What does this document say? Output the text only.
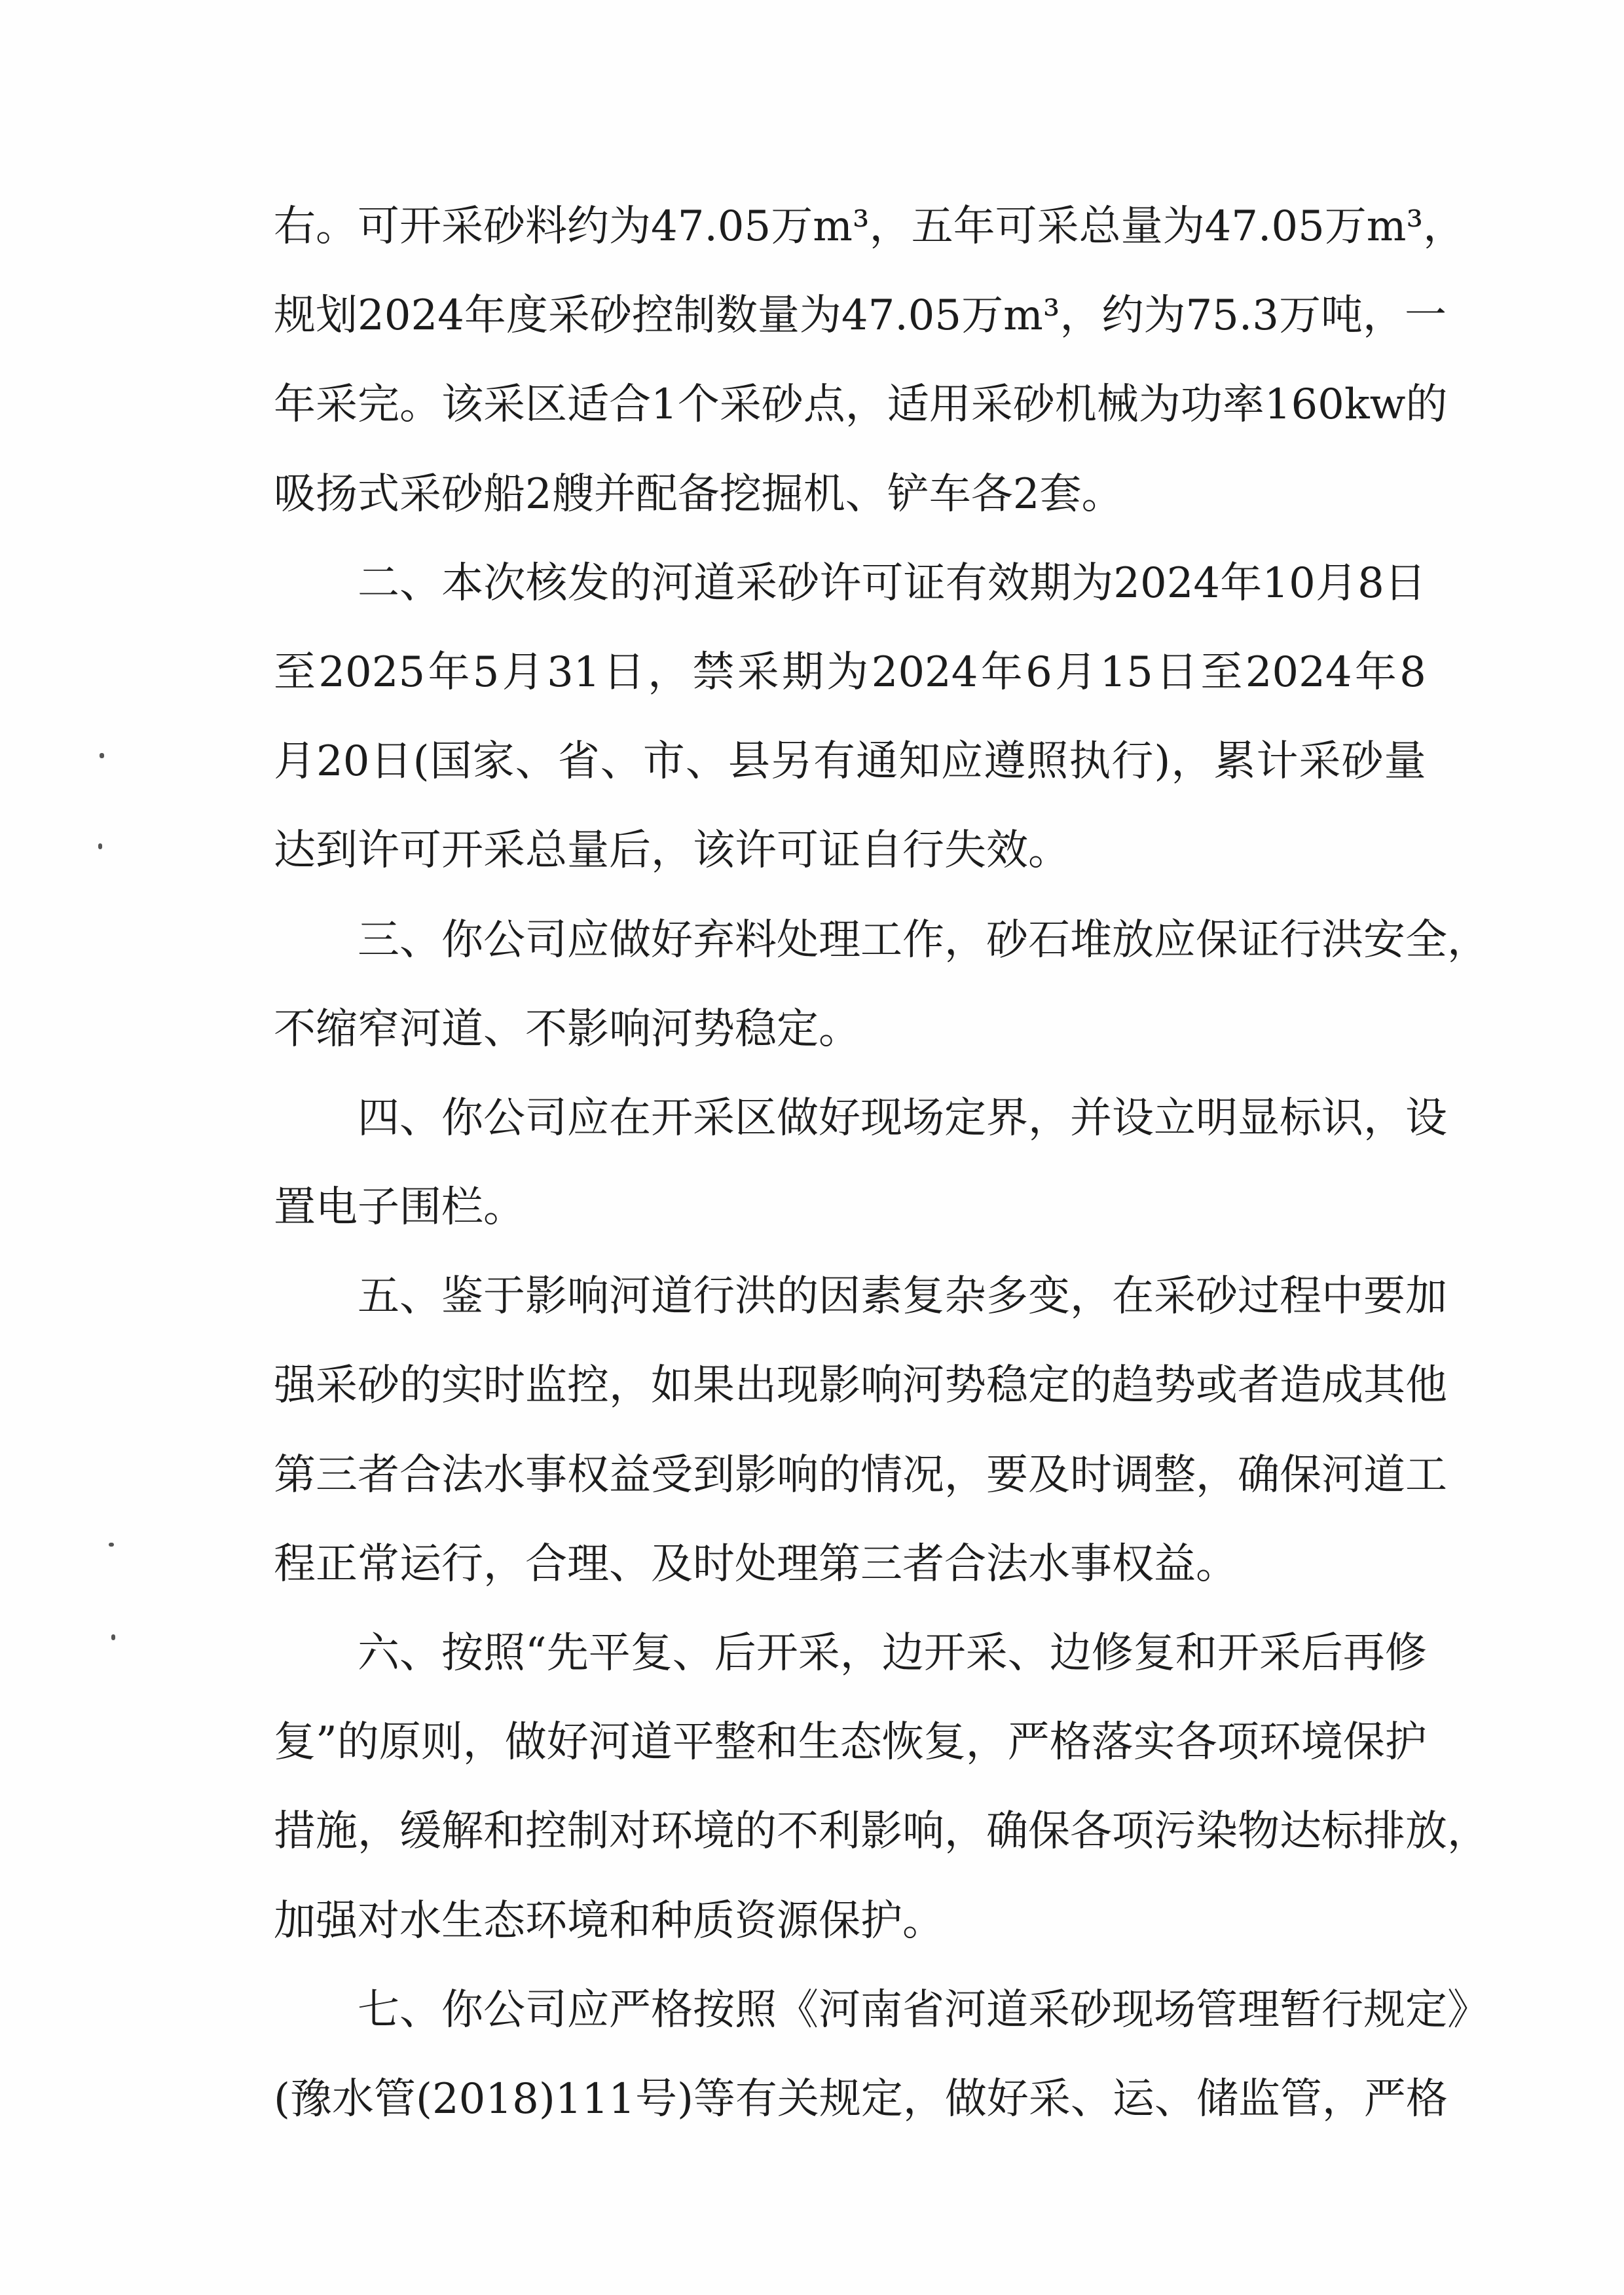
右 。 可 开 采 砂 料 约 为 47.05 万 m³ ， 五 年 可 采 总 量 为 47.05 万 m³ ，
规 划 2024 年 度 采 砂 控 制 数 量 为 47.05 万 m³ ， 约 为 75.3 万 吨 ， 一
年 采 完 。 该 采 区 适 合 1 个 采 砂 点 ， 适 用 采 砂 机 械 为 功 率 160kw 的
吸 扬 式 采 砂 船 2 艘 并 配 备 挖 掘 机 、 铲 车 各 2 套 。
二 、 本 次 核 发 的 河 道 采 砂 许 可 证 有 效 期 为 2024 年 10 月 8 日
至 2025 年 5 月 31 日 ， 禁 采 期 为 2024 年 6 月 15 日 至 2024 年 8
月 20 日 ( 国 家 、 省 、 市 、 县 另 有 通 知 应 遵 照 执 行 ) ， 累 计 采 砂 量
达 到 许 可 开 采 总 量 后 ， 该 许 可 证 自 行 失 效 。
三 、 你 公 司 应 做 好 弃 料 处 理 工 作 ， 砂 石 堆 放 应 保 证 行 洪 安 全 ，
不 缩 窄 河 道 、 不 影 响 河 势 稳 定 。
四 、 你 公 司 应 在 开 采 区 做 好 现 场 定 界 ， 并 设 立 明 显 标 识 ， 设
置 电 子 围 栏 。
五 、 鉴 于 影 响 河 道 行 洪 的 因 素 复 杂 多 变 ， 在 采 砂 过 程 中 要 加
强 采 砂 的 实 时 监 控 ， 如 果 出 现 影 响 河 势 稳 定 的 趋 势 或 者 造 成 其 他
第 三 者 合 法 水 事 权 益 受 到 影 响 的 情 况 ， 要 及 时 调 整 ， 确 保 河 道 工
程 正 常 运 行 ， 合 理 、 及 时 处 理 第 三 者 合 法 水 事 权 益 。
六 、 按 照 “ 先 平 复 、 后 开 采 ， 边 开 采 、 边 修 复 和 开 采 后 再 修
复 ” 的 原 则 ， 做 好 河 道 平 整 和 生 态 恢 复 ， 严 格 落 实 各 项 环 境 保 护
措 施 ， 缓 解 和 控 制 对 环 境 的 不 利 影 响 ， 确 保 各 项 污 染 物 达 标 排 放 ，
加 强 对 水 生 态 环 境 和 种 质 资 源 保 护 。
七 、 你 公 司 应 严 格 按 照 《 河 南 省 河 道 采 砂 现 场 管 理 暂 行 规 定 》
( 豫 水 管 ( 2018 ) 111 号 ) 等 有 关 规 定 ， 做 好 采 、 运 、 储 监 管 ， 严 格
